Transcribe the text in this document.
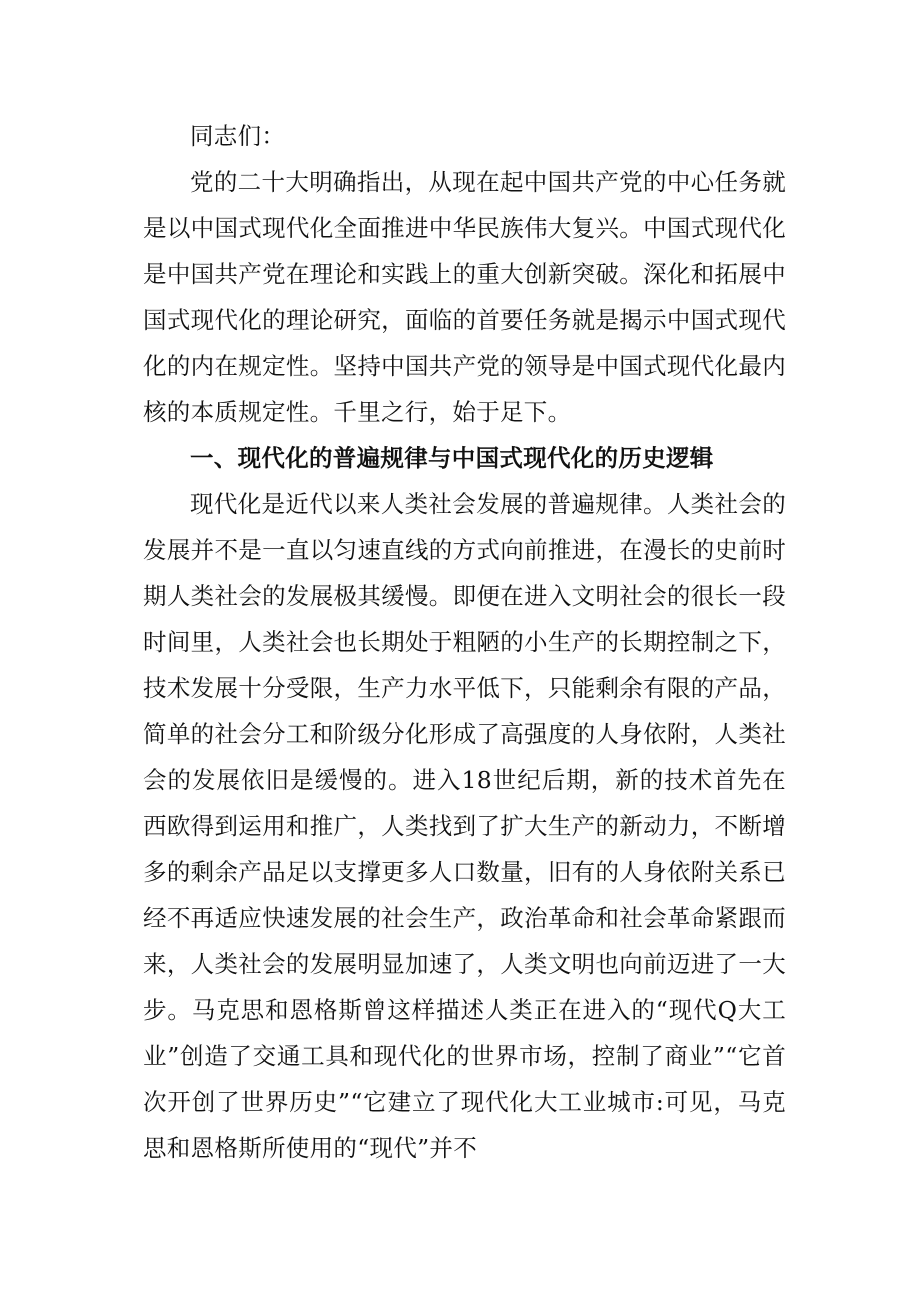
同志们：

党的二十大明确指出，从现在起中国共产党的中心任务就是以中国式现代化全面推进中华民族伟大复兴。中国式现代化是中国共产党在理论和实践上的重大创新突破。深化和拓展中国式现代化的理论研究，面临的首要任务就是揭示中国式现代化的内在规定性。坚持中国共产党的领导是中国式现代化最内核的本质规定性。千里之行，始于足下。

一、现代化的普遍规律与中国式现代化的历史逻辑

现代化是近代以来人类社会发展的普遍规律。人类社会的发展并不是一直以匀速直线的方式向前推进，在漫长的史前时期人类社会的发展极其缓慢。即便在进入文明社会的很长一段时间里，人类社会也长期处于粗陋的小生产的长期控制之下，技术发展十分受限，生产力水平低下，只能剩余有限的产品，简单的社会分工和阶级分化形成了高强度的人身依附，人类社会的发展依旧是缓慢的。进入18世纪后期，新的技术首先在西欧得到运用和推广，人类找到了扩大生产的新动力，不断增多的剩余产品足以支撑更多人口数量，旧有的人身依附关系已经不再适应快速发展的社会生产，政治革命和社会革命紧跟而来，人类社会的发展明显加速了，人类文明也向前迈进了一大步。马克思和恩格斯曾这样描述人类正在进入的“现代Q大工业”创造了交通工具和现代化的世界市场，控制了商业”“它首次开创了世界历史”“它建立了现代化大工业城市:可见，马克思和恩格斯所使用的“现代”并不
